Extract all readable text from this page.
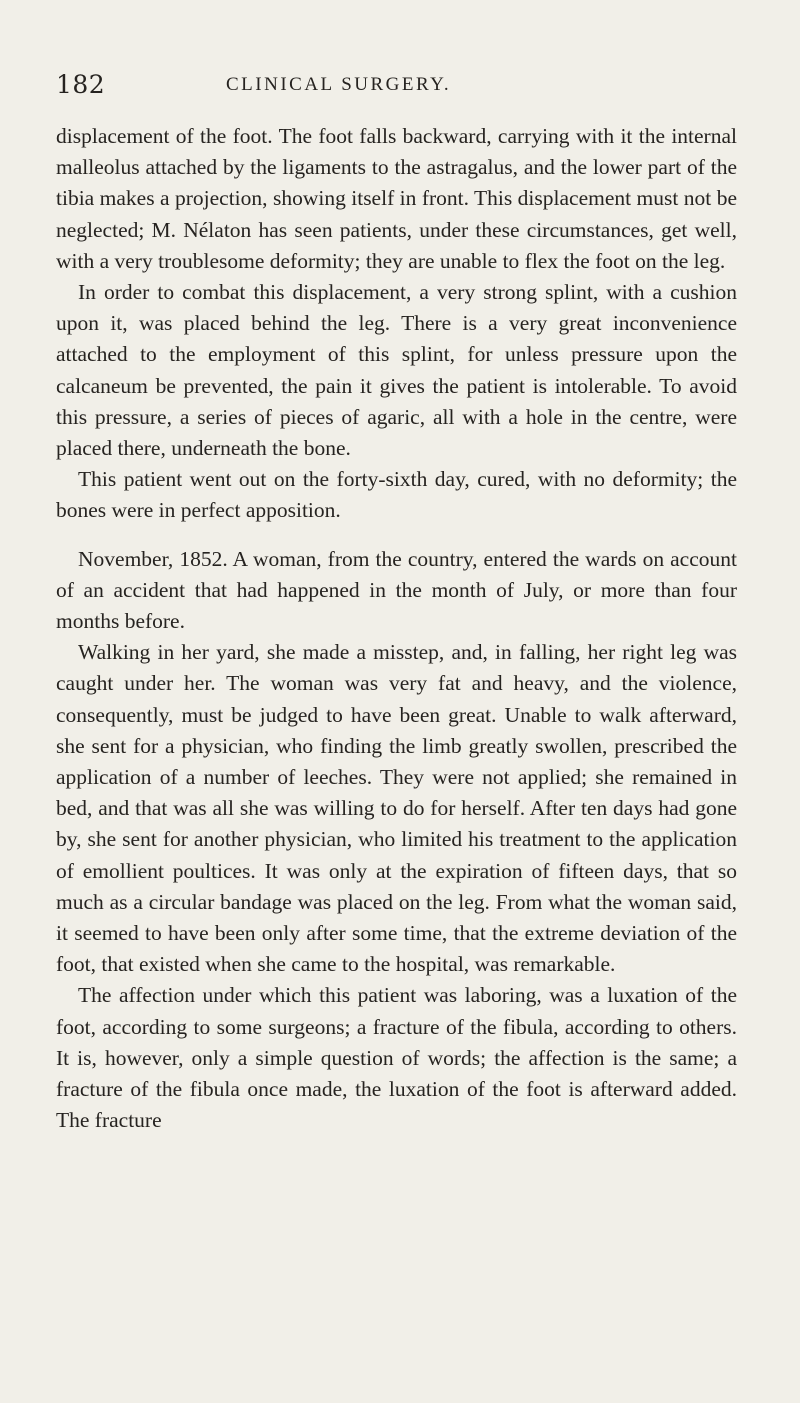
182	CLINICAL SURGERY.

displacement of the foot. The foot falls backward, carrying with it the internal malleolus attached by the ligaments to the astragalus, and the lower part of the tibia makes a projection, showing itself in front. This displacement must not be neglected; M. Nélaton has seen patients, under these circumstances, get well, with a very troublesome deformity; they are unable to flex the foot on the leg.

In order to combat this displacement, a very strong splint, with a cushion upon it, was placed behind the leg. There is a very great inconvenience attached to the employment of this splint, for unless pressure upon the calcaneum be prevented, the pain it gives the patient is intolerable. To avoid this pressure, a series of pieces of agaric, all with a hole in the centre, were placed there, underneath the bone.

This patient went out on the forty-sixth day, cured, with no deformity; the bones were in perfect apposition.

November, 1852. A woman, from the country, entered the wards on account of an accident that had happened in the month of July, or more than four months before.

Walking in her yard, she made a misstep, and, in falling, her right leg was caught under her. The woman was very fat and heavy, and the violence, consequently, must be judged to have been great. Unable to walk afterward, she sent for a physician, who finding the limb greatly swollen, prescribed the application of a number of leeches. They were not applied; she remained in bed, and that was all she was willing to do for herself. After ten days had gone by, she sent for another physician, who limited his treatment to the application of emollient poultices. It was only at the expiration of fifteen days, that so much as a circular bandage was placed on the leg. From what the woman said, it seemed to have been only after some time, that the extreme deviation of the foot, that existed when she came to the hospital, was remarkable.

The affection under which this patient was laboring, was a luxation of the foot, according to some surgeons; a fracture of the fibula, according to others. It is, however, only a simple question of words; the affection is the same; a fracture of the fibula once made, the luxation of the foot is afterward added. The fracture
